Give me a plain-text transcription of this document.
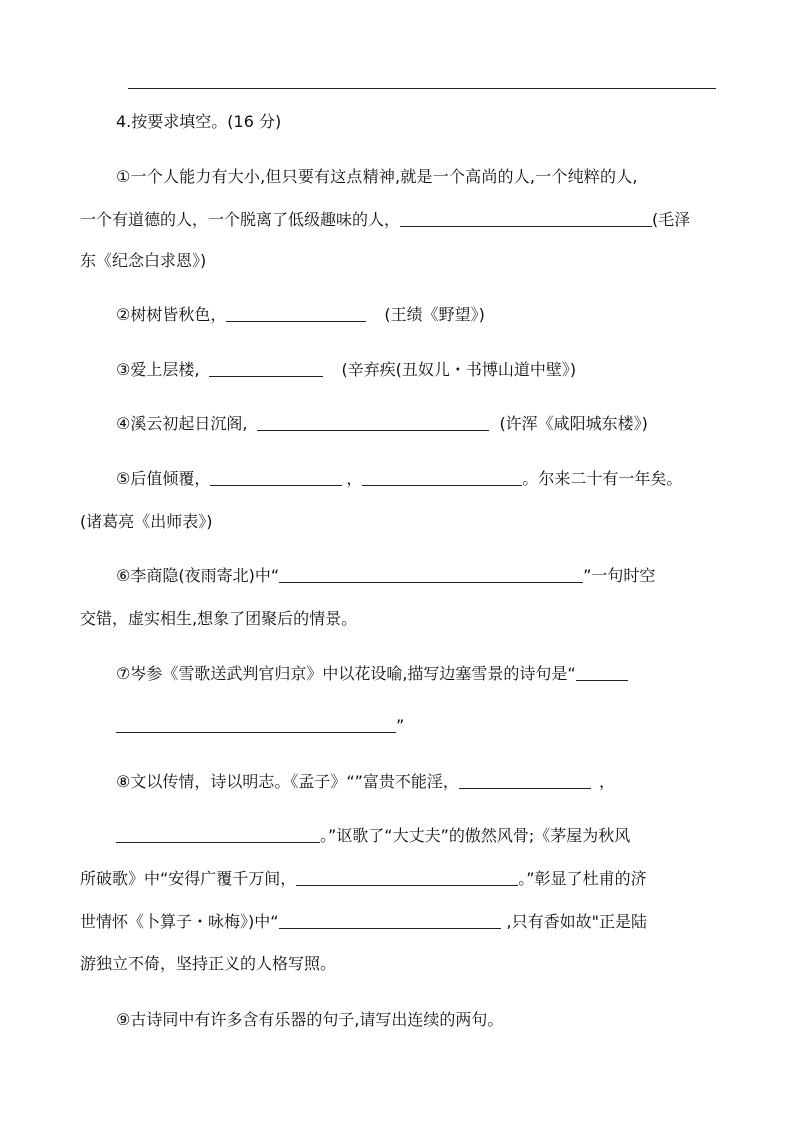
4.按要求填空。(16 分)
①一个人能力有大小,但只要有这点精神,就是一个高尚的人,一个纯粹的人,
一个有道德的人，一个脱离了低级趣味的人，	(毛泽
东《纪念白求恩》)
②树树皆秋色，	(王绩《野望》)
③爱上层楼,	(辛弃疾(丑奴儿・书博山道中壁》)
④溪云初起日沉阁,	(许浑《咸阳城东楼》)
⑤后值倾覆，	，	。尔来二十有一年矣。
(诸葛亮《出师表》)
⑥李商隐(夜雨寄北)中“	”一句时空
交错，虚实相生,想象了团聚后的情景。
⑦岑参《雪歌送武判官归京》中以花设喻,描写边塞雪景的诗句是“
”
⑧文以传情，诗以明志。《孟子》“”富贵不能淫，	，
。”讴歌了“大丈夫”的傲然风骨;《茅屋为秋风
所破歌》中“安得广覆千万间，	。”彰显了杜甫的济
世情怀《卜算子・咏梅》)中“	,只有香如故"正是陆
游独立不倚，坚持正义的人格写照。
⑨古诗同中有许多含有乐器的句子,请写出连续的两句。
